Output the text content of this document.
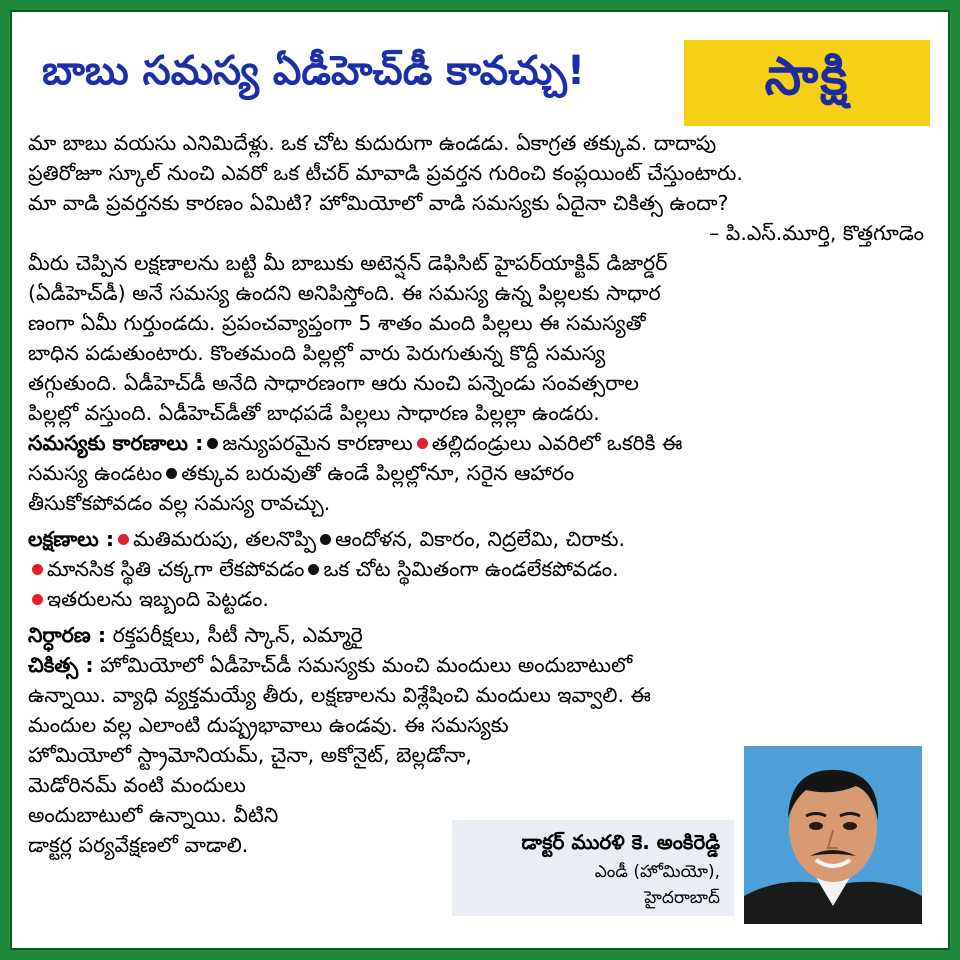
బాబు సమస్య ఏడీహెచ్‌డీ కావచ్చు!	సాక్షి

మా బాబు వయసు ఎనిమిదేళ్లు. ఒక చోట కుదురుగా ఉండడు. ఏకాగ్రత తక్కువ. దాదాపు

ప్రతిరోజూ స్కూల్ నుంచి ఎవరో ఒక టీచర్ మావాడి ప్రవర్తన గురించి కంప్లయింట్ చేస్తుంటారు.

మా వాడి ప్రవర్తనకు కారణం ఏమిటి? హోమియోలో వాడి సమస్యకు ఏదైనా చికిత్స ఉందా?

– పి.ఎస్.మూర్తి, కొత్తగూడెం

మీరు చెప్పిన లక్షణాలను బట్టి మీ బాబుకు అటెన్షన్ డెఫిసిట్ హైపర్‌యాక్టివ్ డిజార్డర్

(ఏడీహెచ్‌డీ) అనే సమస్య ఉందని అనిపిస్తోంది. ఈ సమస్య ఉన్న పిల్లలకు సాధార

ణంగా ఏమీ గుర్తుండదు. ప్రపంచవ్యాప్తంగా 5 శాతం మంది పిల్లలు ఈ సమస్యతో

బాధిన పడుతుంటారు. కొంతమంది పిల్లల్లో వారు పెరుగుతున్న కొద్దీ సమస్య

తగ్గుతుంది. ఏడీహెచ్‌డీ అనేది సాధారణంగా ఆరు నుంచి పన్నెండు సంవత్సరాల

పిల్లల్లో వస్తుంది. ఏడీహెచ్‌డీతో బాధపడే పిల్లలు సాధారణ పిల్లల్లా ఉండరు.

సమస్యకు కారణాలు : జన్యుపరమైన కారణాలు తల్లిదండ్రులు ఎవరిలో ఒకరికి ఈ

సమస్య ఉండటం తక్కువ బరువుతో ఉండే పిల్లల్లోనూ, సరైన ఆహారం

తీసుకోకపోవడం వల్ల సమస్య రావచ్చు.

లక్షణాలు : మతిమరుపు, తలనొప్పి ఆందోళన, వికారం, నిద్రలేమి, చిరాకు.

మానసిక స్థితి చక్కగా లేకపోవడం ఒక చోట స్థిమితంగా ఉండలేకపోవడం.

ఇతరులను ఇబ్బంది పెట్టడం.

నిర్ధారణ : రక్తపరీక్షలు, సీటీ స్కాన్, ఎమ్మారై

చికిత్స : హోమియోలో ఏడీహెచ్‌డీ సమస్యకు మంచి మందులు అందుబాటులో

ఉన్నాయి. వ్యాధి వ్యక్తమయ్యే తీరు, లక్షణాలను విశ్లేషించి మందులు ఇవ్వాలి. ఈ

మందుల వల్ల ఎలాంటి దుష్ప్రభావాలు ఉండవు. ఈ సమస్యకు

హోమియోలో స్ట్రామోనియమ్, చైనా, అకోనైట్, బెల్లడోనా,

మెడోరినమ్ వంటి మందులు

అందుబాటులో ఉన్నాయి. వీటిని

డాక్టర్ల పర్యవేక్షణలో వాడాలి.	డాక్టర్ మురళి కె. అంకిరెడ్డి
ఎండీ (హోమియో),
హైదరాబాద్
